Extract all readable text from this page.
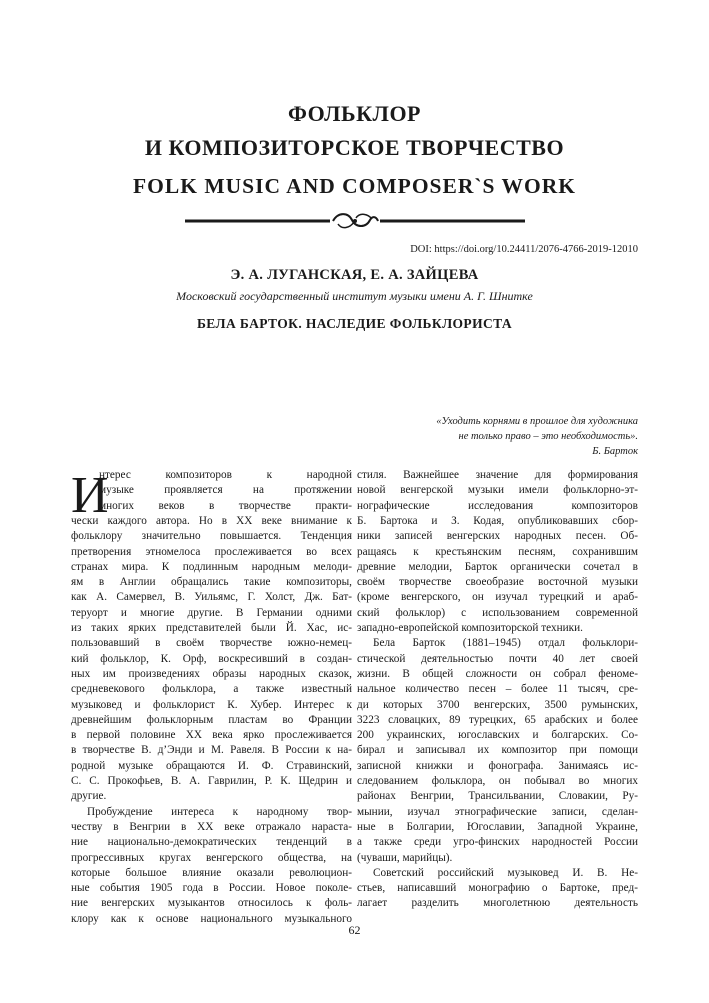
ФОЛЬКЛОР
И КОМПОЗИТОРСКОЕ ТВОРЧЕСТВО
FOLK MUSIC AND COMPOSER`S WORK
DOI: https://doi.org/10.24411/2076-4766-2019-12010
Э. А. ЛУГАНСКАЯ, Е. А. ЗАЙЦЕВА
Московский государственный институт музыки имени А. Г. Шнитке
БЕЛА БАРТОК. НАСЛЕДИЕ ФОЛЬКЛОРИСТА
«Уходить корнями в прошлое для художника
не только право – это необходимость».
Б. Барток
И
нтерес композиторов к народной
музыке проявляется на протяжении
многих веков в творчестве практи-
чески каждого автора. Но в XX веке внимание к
фольклору значительно повышается. Тенденция
претворения этномелоса прослеживается во всех
странах мира. К подлинным народным мелоди-
ям в Англии обращались такие композиторы,
как А. Самервел, В. Уильямс, Г. Холст, Дж. Бат-
теруорт и многие другие. В Германии одними
из таких ярких представителей были Й. Хас, ис-
пользовавший в своём творчестве южно-немец-
кий фольклор, К. Орф, воскресивший в создан-
ных им произведениях образы народных сказок,
средневекового фольклора, а также известный
музыковед и фольклорист К. Хубер. Интерес к
древнейшим фольклорным пластам во Франции
в первой половине XX века ярко прослеживается
в творчестве В. д’Энди и М. Равеля. В России к на-
родной музыке обращаются И. Ф. Стравинский,
С. С. Прокофьев, В. А. Гаврилин, Р. К. Щедрин и
другие.
Пробуждение интереса к народному твор-
честву в Венгрии в XX веке отражало нараста-
ние национально-демократических тенденций в
прогрессивных кругах венгерского общества, на
которые большое влияние оказали революцион-
ные события 1905 года в России. Новое поколе-
ние венгерских музыкантов относилось к фоль-
клору как к основе национального музыкального
стиля. Важнейшее значение для формирования
новой венгерской музыки имели фольклорно-эт-
нографические исследования композиторов
Б. Бартока и З. Кодая, опубликовавших сбор-
ники записей венгерских народных песен. Об-
ращаясь к крестьянским песням, сохранившим
древние мелодии, Барток органически сочетал в
своём творчестве своеобразие восточной музыки
(кроме венгерского, он изучал турецкий и араб-
ский фольклор) с использованием современной
западно-европейской композиторской техники.
Бела Барток (1881–1945) отдал фольклори-
стической деятельностью почти 40 лет своей
жизни. В общей сложности он собрал феноме-
нальное количество песен – более 11 тысяч, сре-
ди которых 3700 венгерских, 3500 румынских,
3223 словацких, 89 турецких, 65 арабских и более
200 украинских, югославских и болгарских. Со-
бирал и записывал их композитор при помощи
записной книжки и фонографа. Занимаясь ис-
следованием фольклора, он побывал во многих
районах Венгрии, Трансильвании, Словакии, Ру-
мынии, изучал этнографические записи, сделан-
ные в Болгарии, Югославии, Западной Украине,
а также среди угро-финских народностей России
(чуваши, марийцы).
Советский российский музыковед И. В. Не-
стьев, написавший монографию о Бартоке, пред-
лагает разделить многолетнюю деятельность
62
